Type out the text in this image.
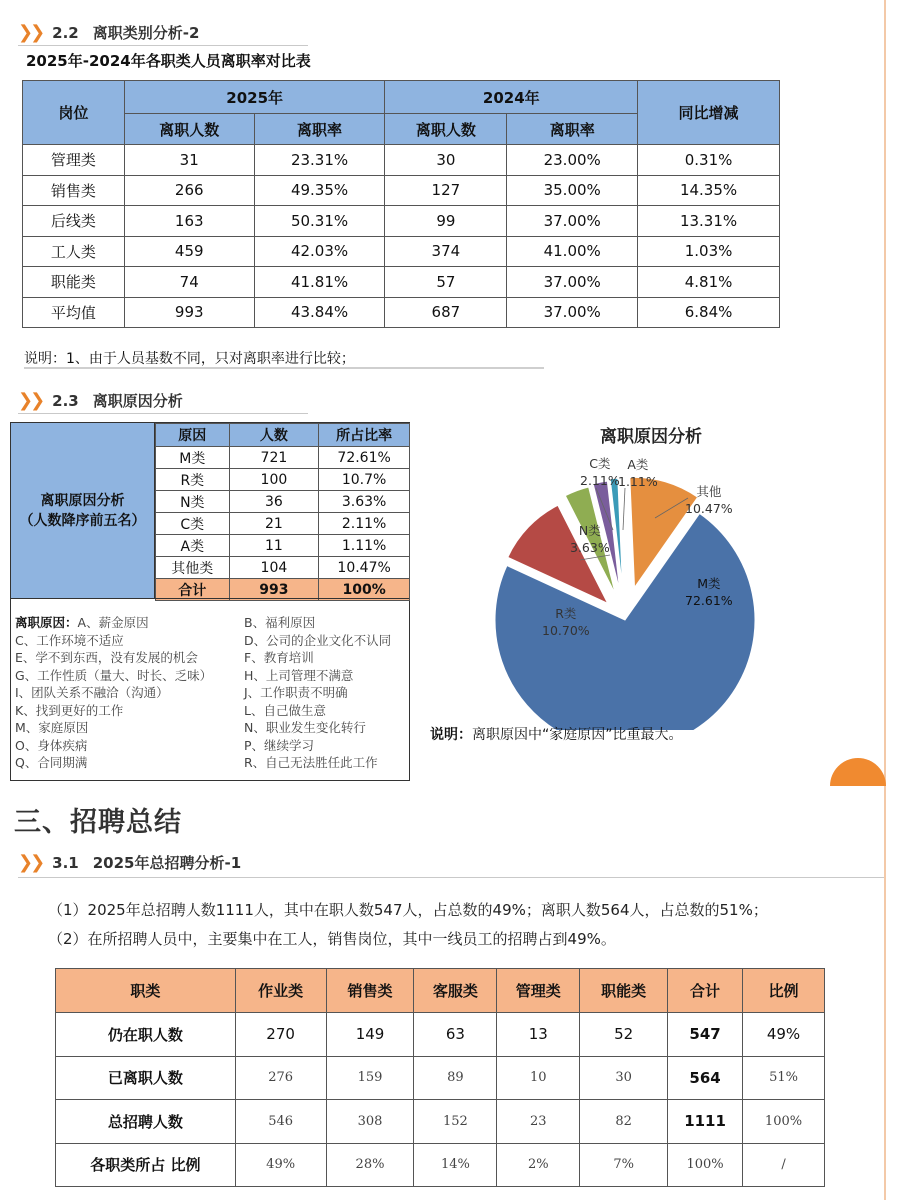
❯❯ 2.2 离职类别分析-2
2025年-2024年各职类人员离职率对比表
岗位	2025年		2024年		同比增减
	离职人数	离职率	离职人数	离职率	
管理类	31	23.31%	30	23.00%	0.31%
销售类	266	49.35%	127	35.00%	14.35%
后线类	163	50.31%	99	37.00%	13.31%
工人类	459	42.03%	374	41.00%	1.03%
职能类	74	41.81%	57	37.00%	4.81%
平均值	993	43.84%	687	37.00%	6.84%
说明：1、由于人员基数不同，只对离职率进行比较；
❯❯ 2.3 离职原因分析
离职原因分析
（人数降序前五名）
原因	人数	所占比率
M类	721	72.61%
R类	100	10.7%
N类	36	3.63%
C类	21	2.11%
A类	11	1.11%
其他类	104	10.47%
合计	993	100%
离职原因：A、薪金原因	B、福利原因
C、工作环境不适应	D、公司的企业文化不认同
E、学不到东西，没有发展的机会	F、教育培训
G、工作性质（量大、时长、乏味）	H、上司管理不满意
I、团队关系不融洽（沟通）	J、工作职责不明确
K、找到更好的工作	L、自己做生意
M、家庭原因	N、职业发生变化转行
O、身体疾病	P、继续学习
Q、合同期满	R、自己无法胜任此工作
离职原因分析
M类
72.61%
R类
10.70%
N类
3.63%
C类
2.11%
A类
1.11%
其他
10.47%
说明：离职原因中“家庭原因”比重最大。
三、招聘总结
❯❯ 3.1 2025年总招聘分析-1
（1）2025年总招聘人数1111人，其中在职人数547人，占总数的49%；离职人数564人，占总数的51%；
（2）在所招聘人员中，主要集中在工人，销售岗位，其中一线员工的招聘占到49%。
职类	作业类	销售类	客服类	管理类	职能类	合计	比例
仍在职人数	270	149	63	13	52	547	49%
已离职人数	276	159	89	10	30	564	51%
总招聘人数	546	308	152	23	82	1111	100%
各职类所占 比例	49%	28%	14%	2%	7%	100%	/
